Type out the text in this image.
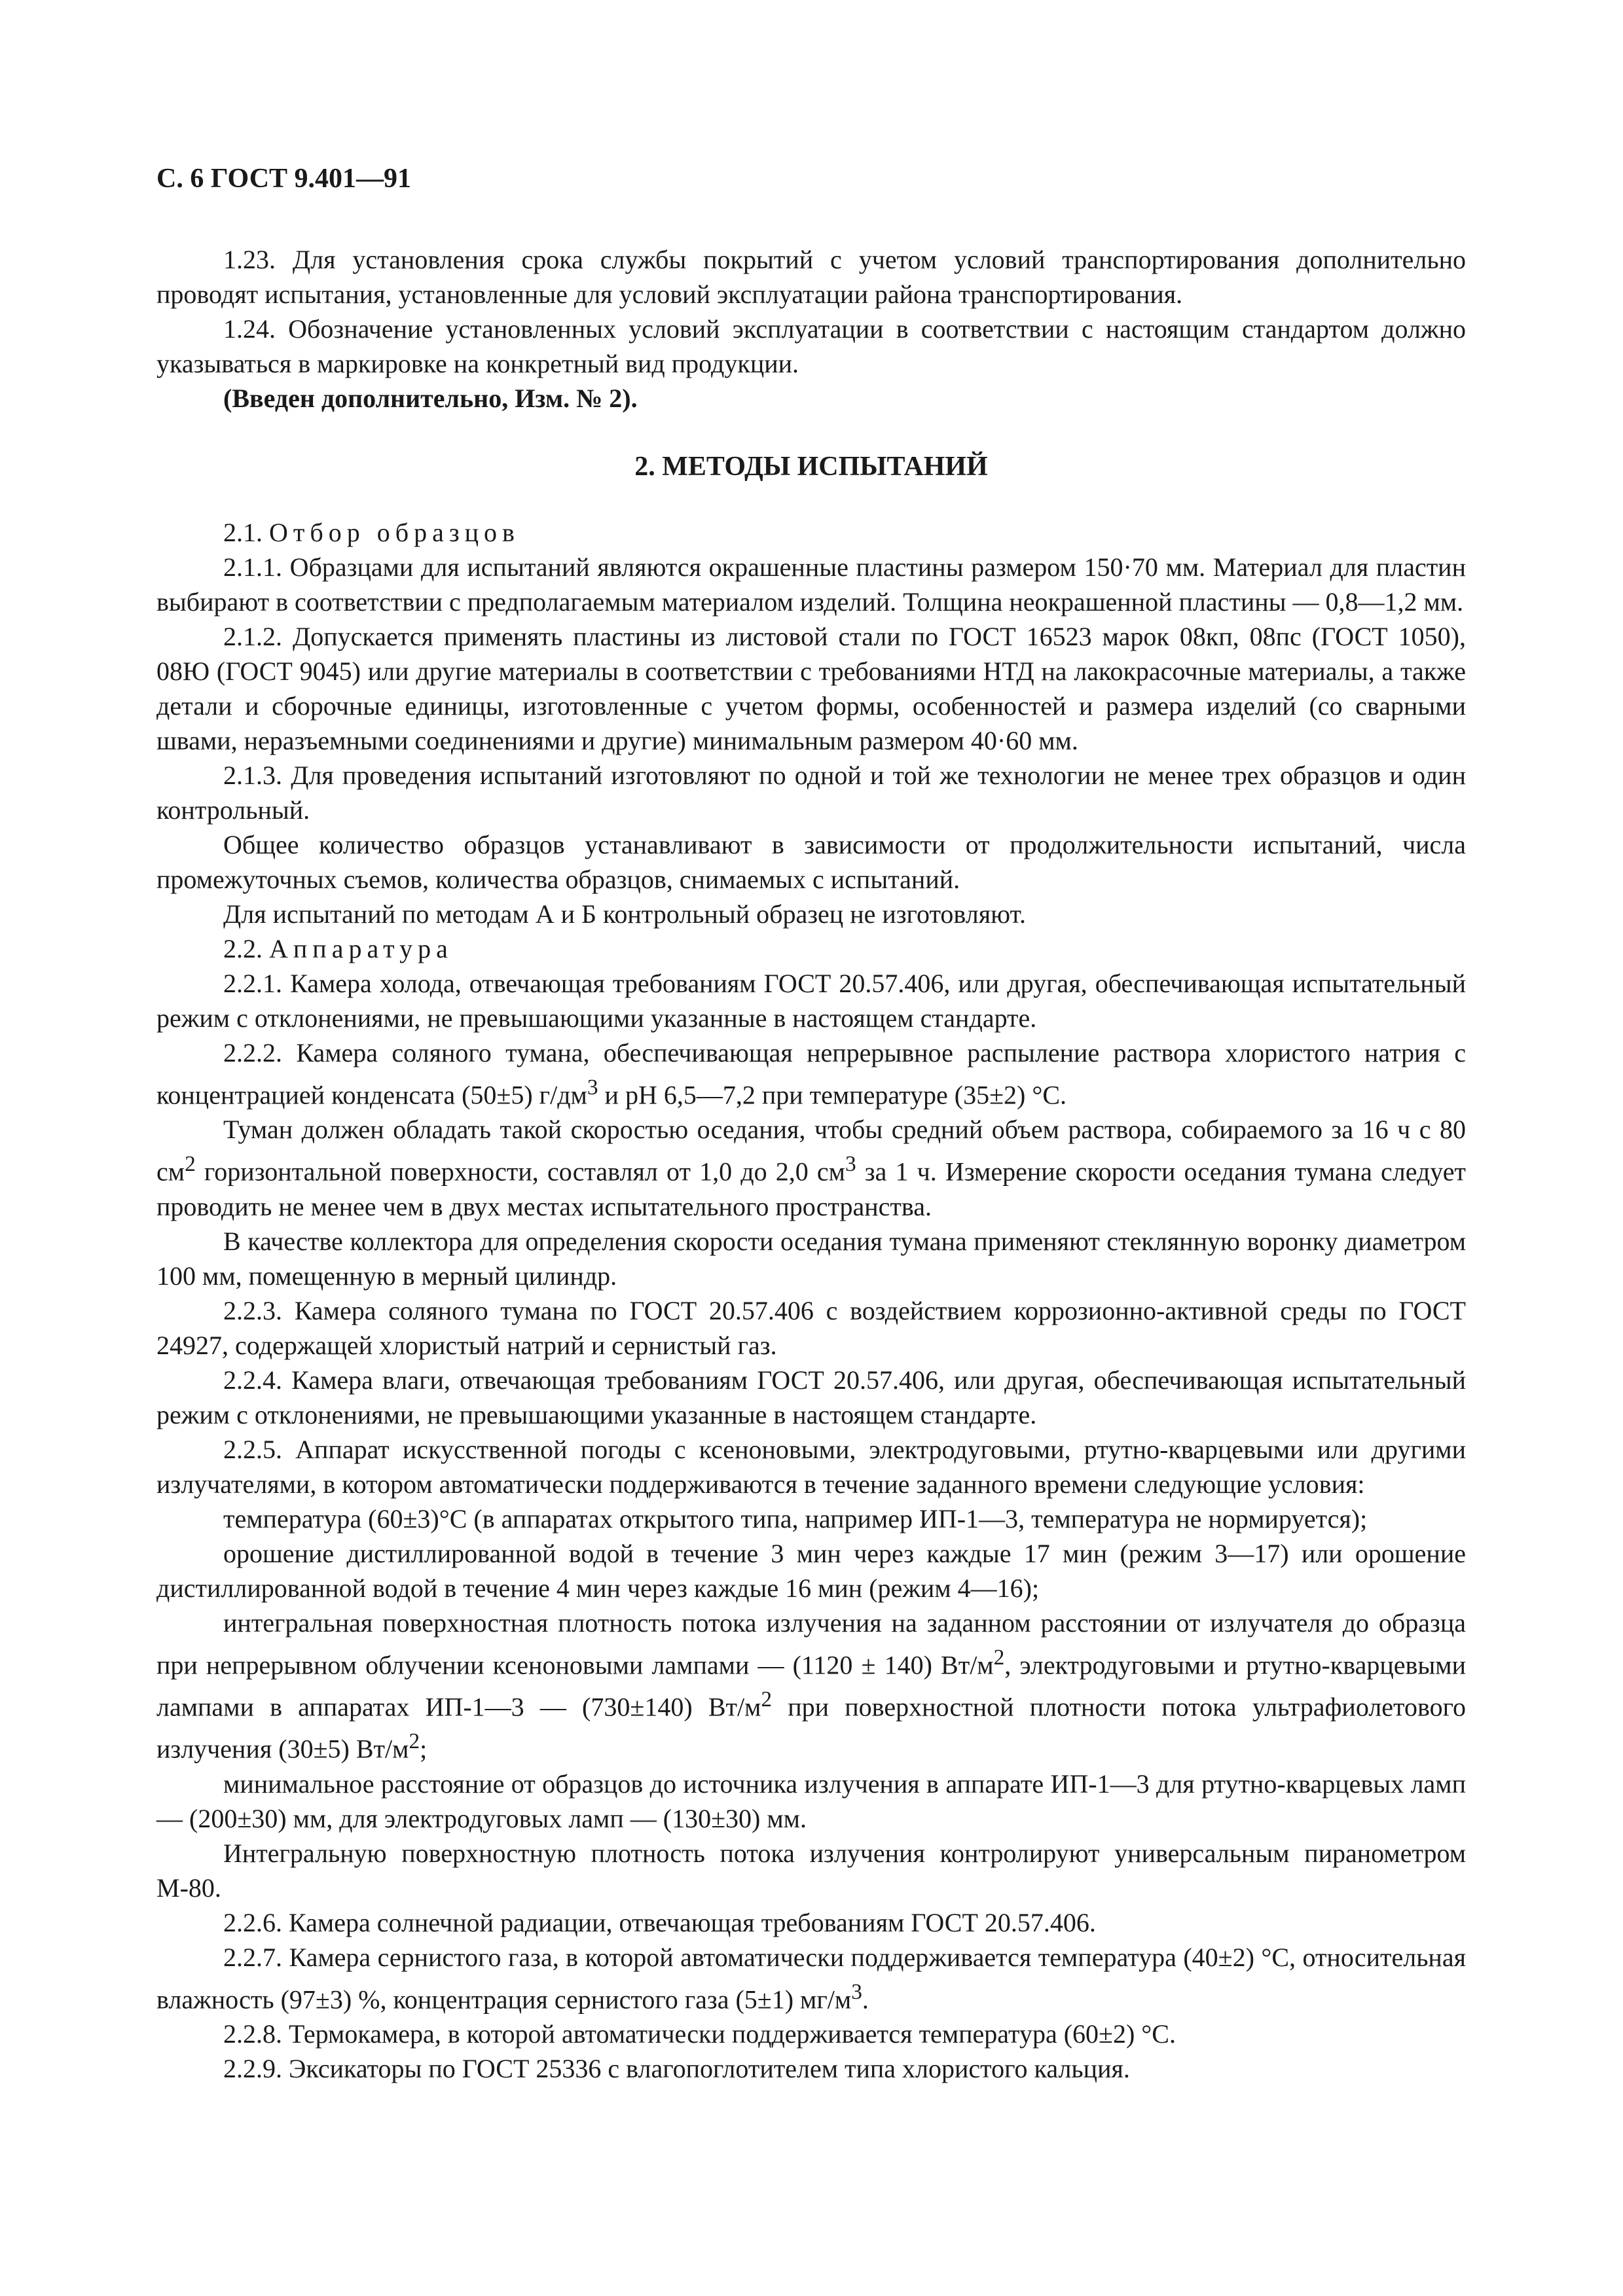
С. 6 ГОСТ 9.401—91

1.23. Для установления срока службы покрытий с учетом условий транспортирования дополнительно проводят испытания, установленные для условий эксплуатации района транспортирования.

1.24. Обозначение установленных условий эксплуатации в соответствии с настоящим стандартом должно указываться в маркировке на конкретный вид продукции.

(Введен дополнительно, Изм. № 2).

2. МЕТОДЫ ИСПЫТАНИЙ

2.1. Отбор образцов

2.1.1. Образцами для испытаний являются окрашенные пластины размером 150·70 мм. Материал для пластин выбирают в соответствии с предполагаемым материалом изделий. Толщина неокрашенной пластины — 0,8—1,2 мм.

2.1.2. Допускается применять пластины из листовой стали по ГОСТ 16523 марок 08кп, 08пс (ГОСТ 1050), 08Ю (ГОСТ 9045) или другие материалы в соответствии с требованиями НТД на лакокрасочные материалы, а также детали и сборочные единицы, изготовленные с учетом формы, особенностей и размера изделий (со сварными швами, неразъемными соединениями и другие) минимальным размером 40·60 мм.

2.1.3. Для проведения испытаний изготовляют по одной и той же технологии не менее трех образцов и один контрольный.

Общее количество образцов устанавливают в зависимости от продолжительности испытаний, числа промежуточных съемов, количества образцов, снимаемых с испытаний.

Для испытаний по методам А и Б контрольный образец не изготовляют.

2.2. Аппаратура

2.2.1. Камера холода, отвечающая требованиям ГОСТ 20.57.406, или другая, обеспечивающая испытательный режим с отклонениями, не превышающими указанные в настоящем стандарте.

2.2.2. Камера соляного тумана, обеспечивающая непрерывное распыление раствора хлористого натрия с концентрацией конденсата (50±5) $г/дм^3$ и pH 6,5—7,2 при температуре (35±2) °С.

Туман должен обладать такой скоростью оседания, чтобы средний объем раствора, собираемого за 16 ч с 80 $см^2$ горизонтальной поверхности, составлял от 1,0 до 2,0 $см^3$ за 1 ч. Измерение скорости оседания тумана следует проводить не менее чем в двух местах испытательного пространства.

В качестве коллектора для определения скорости оседания тумана применяют стеклянную воронку диаметром 100 мм, помещенную в мерный цилиндр.

2.2.3. Камера соляного тумана по ГОСТ 20.57.406 с воздействием коррозионно-активной среды по ГОСТ 24927, содержащей хлористый натрий и сернистый газ.

2.2.4. Камера влаги, отвечающая требованиям ГОСТ 20.57.406, или другая, обеспечивающая испытательный режим с отклонениями, не превышающими указанные в настоящем стандарте.

2.2.5. Аппарат искусственной погоды с ксеноновыми, электродуговыми, ртутно-кварцевыми или другими излучателями, в котором автоматически поддерживаются в течение заданного времени следующие условия:

температура (60±3)°С (в аппаратах открытого типа, например ИП-1—3, температура не нормируется);

орошение дистиллированной водой в течение 3 мин через каждые 17 мин (режим 3—17) или орошение дистиллированной водой в течение 4 мин через каждые 16 мин (режим 4—16);

интегральная поверхностная плотность потока излучения на заданном расстоянии от излучателя до образца при непрерывном облучении ксеноновыми лампами — (1120 ± 140) $Вт/м^2$, электродуговыми и ртутно-кварцевыми лампами в аппаратах ИП-1—3 — (730±140) $Вт/м^2$ при поверхностной плотности потока ультрафиолетового излучения (30±5) $Вт/м^2$;

минимальное расстояние от образцов до источника излучения в аппарате ИП-1—3 для ртутно-кварцевых ламп — (200±30) мм, для электродуговых ламп — (130±30) мм.

Интегральную поверхностную плотность потока излучения контролируют универсальным пиранометром М-80.

2.2.6. Камера солнечной радиации, отвечающая требованиям ГОСТ 20.57.406.

2.2.7. Камера сернистого газа, в которой автоматически поддерживается температура (40±2) °С, относительная влажность (97±3) %, концентрация сернистого газа (5±1) $мг/м^3$.

2.2.8. Термокамера, в которой автоматически поддерживается температура (60±2) °С.

2.2.9. Эксикаторы по ГОСТ 25336 с влагопоглотителем типа хлористого кальция.
